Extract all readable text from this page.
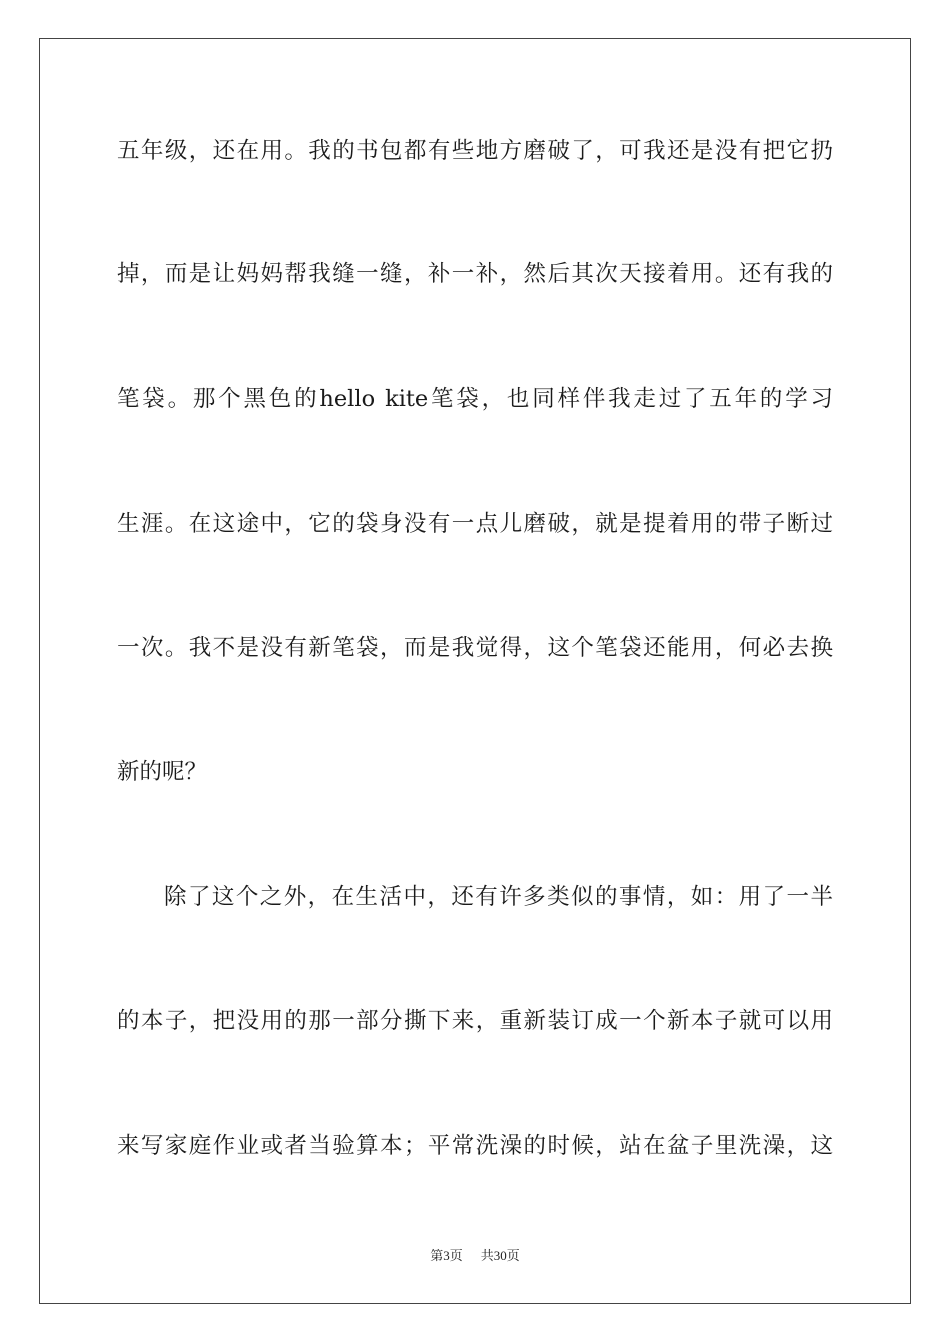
五年级，还在用。我的书包都有些地方磨破了，可我还是没有把它扔
掉，而是让妈妈帮我缝一缝，补一补，然后其次天接着用。还有我的
笔袋。那个黑色的hello kite笔袋，也同样伴我走过了五年的学习
生涯。在这途中，它的袋身没有一点儿磨破，就是提着用的带子断过
一次。我不是没有新笔袋，而是我觉得，这个笔袋还能用，何必去换
新的呢？
除了这个之外，在生活中，还有许多类似的事情，如：用了一半
的本子，把没用的那一部分撕下来，重新装订成一个新本子就可以用
来写家庭作业或者当验算本；平常洗澡的时候，站在盆子里洗澡，这
第3页 共30页
